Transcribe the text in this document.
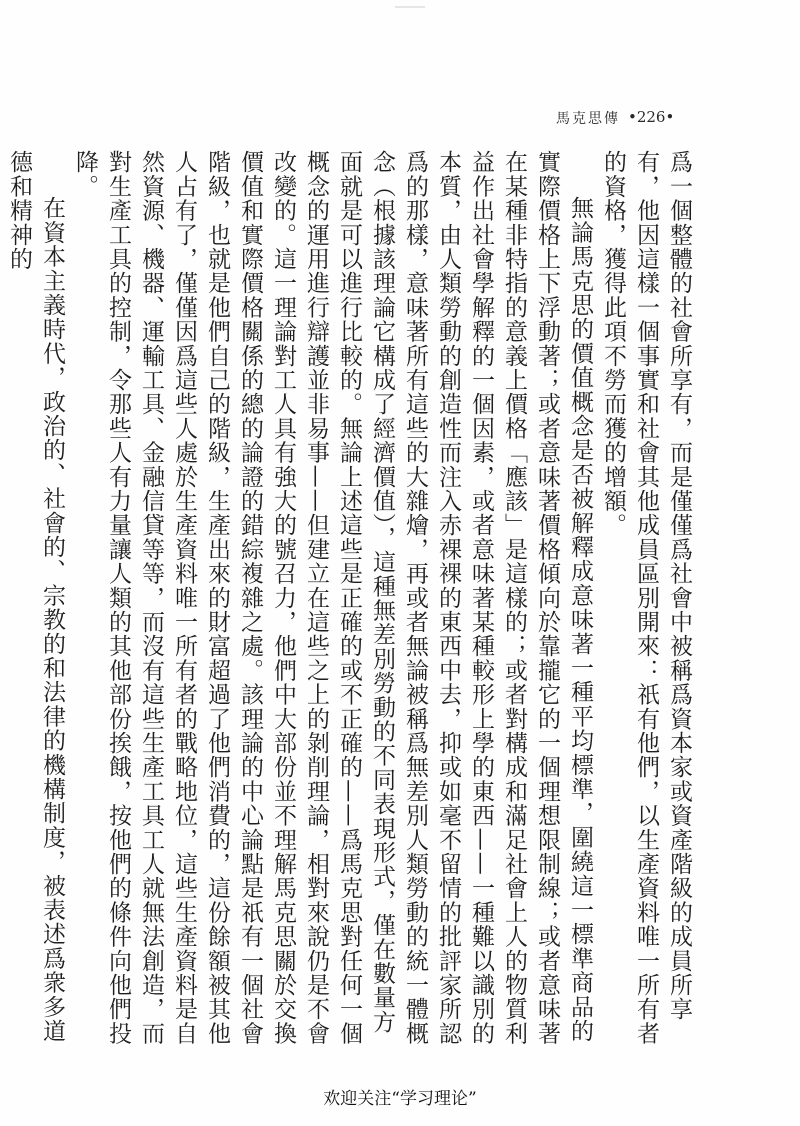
馬克思傳 •226•

爲一個整體的社會所享有，而是僅僅爲社會中被稱爲資本家或資產階級的成員所享有，他因這樣一個事實和社會其他成員區別開來：祇有他們，以生產資料唯一所有者的資格，獲得此項不勞而獲的增額。

無論馬克思的價值概念是否被解釋成意味著一種平均標準，圍繞這一標準商品的實際價格上下浮動著；或者意味著價格傾向於靠攏它的一個理想限制線；或者意味著在某種非特指的意義上價格「應該」是這樣的；或者對構成和滿足社會上人的物質利益作出社會學解釋的一個因素，或者意味著某種較形上學的東西——一種難以識別的本質，由人類勞動的創造性而注入赤裸裸的東西中去，抑或如毫不留情的批評家所認爲的那樣，意味著所有這些的大雜燴，再或者無論被稱爲無差別人類勞動的統一體概念（根據該理論它構成了經濟價值），這種無差別勞動的不同表現形式，僅在數量方面就是可以進行比較的。無論上述這些是正確的或不正確的——爲馬克思對任何一個概念的運用進行辯護並非易事——但建立在這些之上的剝削理論，相對來說仍是不會改變的。這一理論對工人具有強大的號召力，他們中大部份並不理解馬克思關於交換價值和實際價格關係的總的論證的錯綜複雜之處。該理論的中心論點是祇有一個社會階級，也就是他們自己的階級，生產出來的財富超過了他們消費的，這份餘額被其他人占有了，僅僅因爲這些人處於生產資料唯一所有者的戰略地位，這些生產資料是自然資源、機器、運輸工具、金融信貸等等，而沒有這些生產工具工人就無法創造，而對生產工具的控制，令那些人有力量讓人類的其他部份挨餓，按他們的條件向他們投降。

在資本主義時代，政治的、社會的、宗教的和法律的機構制度，被表述爲衆多道德和精神的

欢迎关注“学习理论”
